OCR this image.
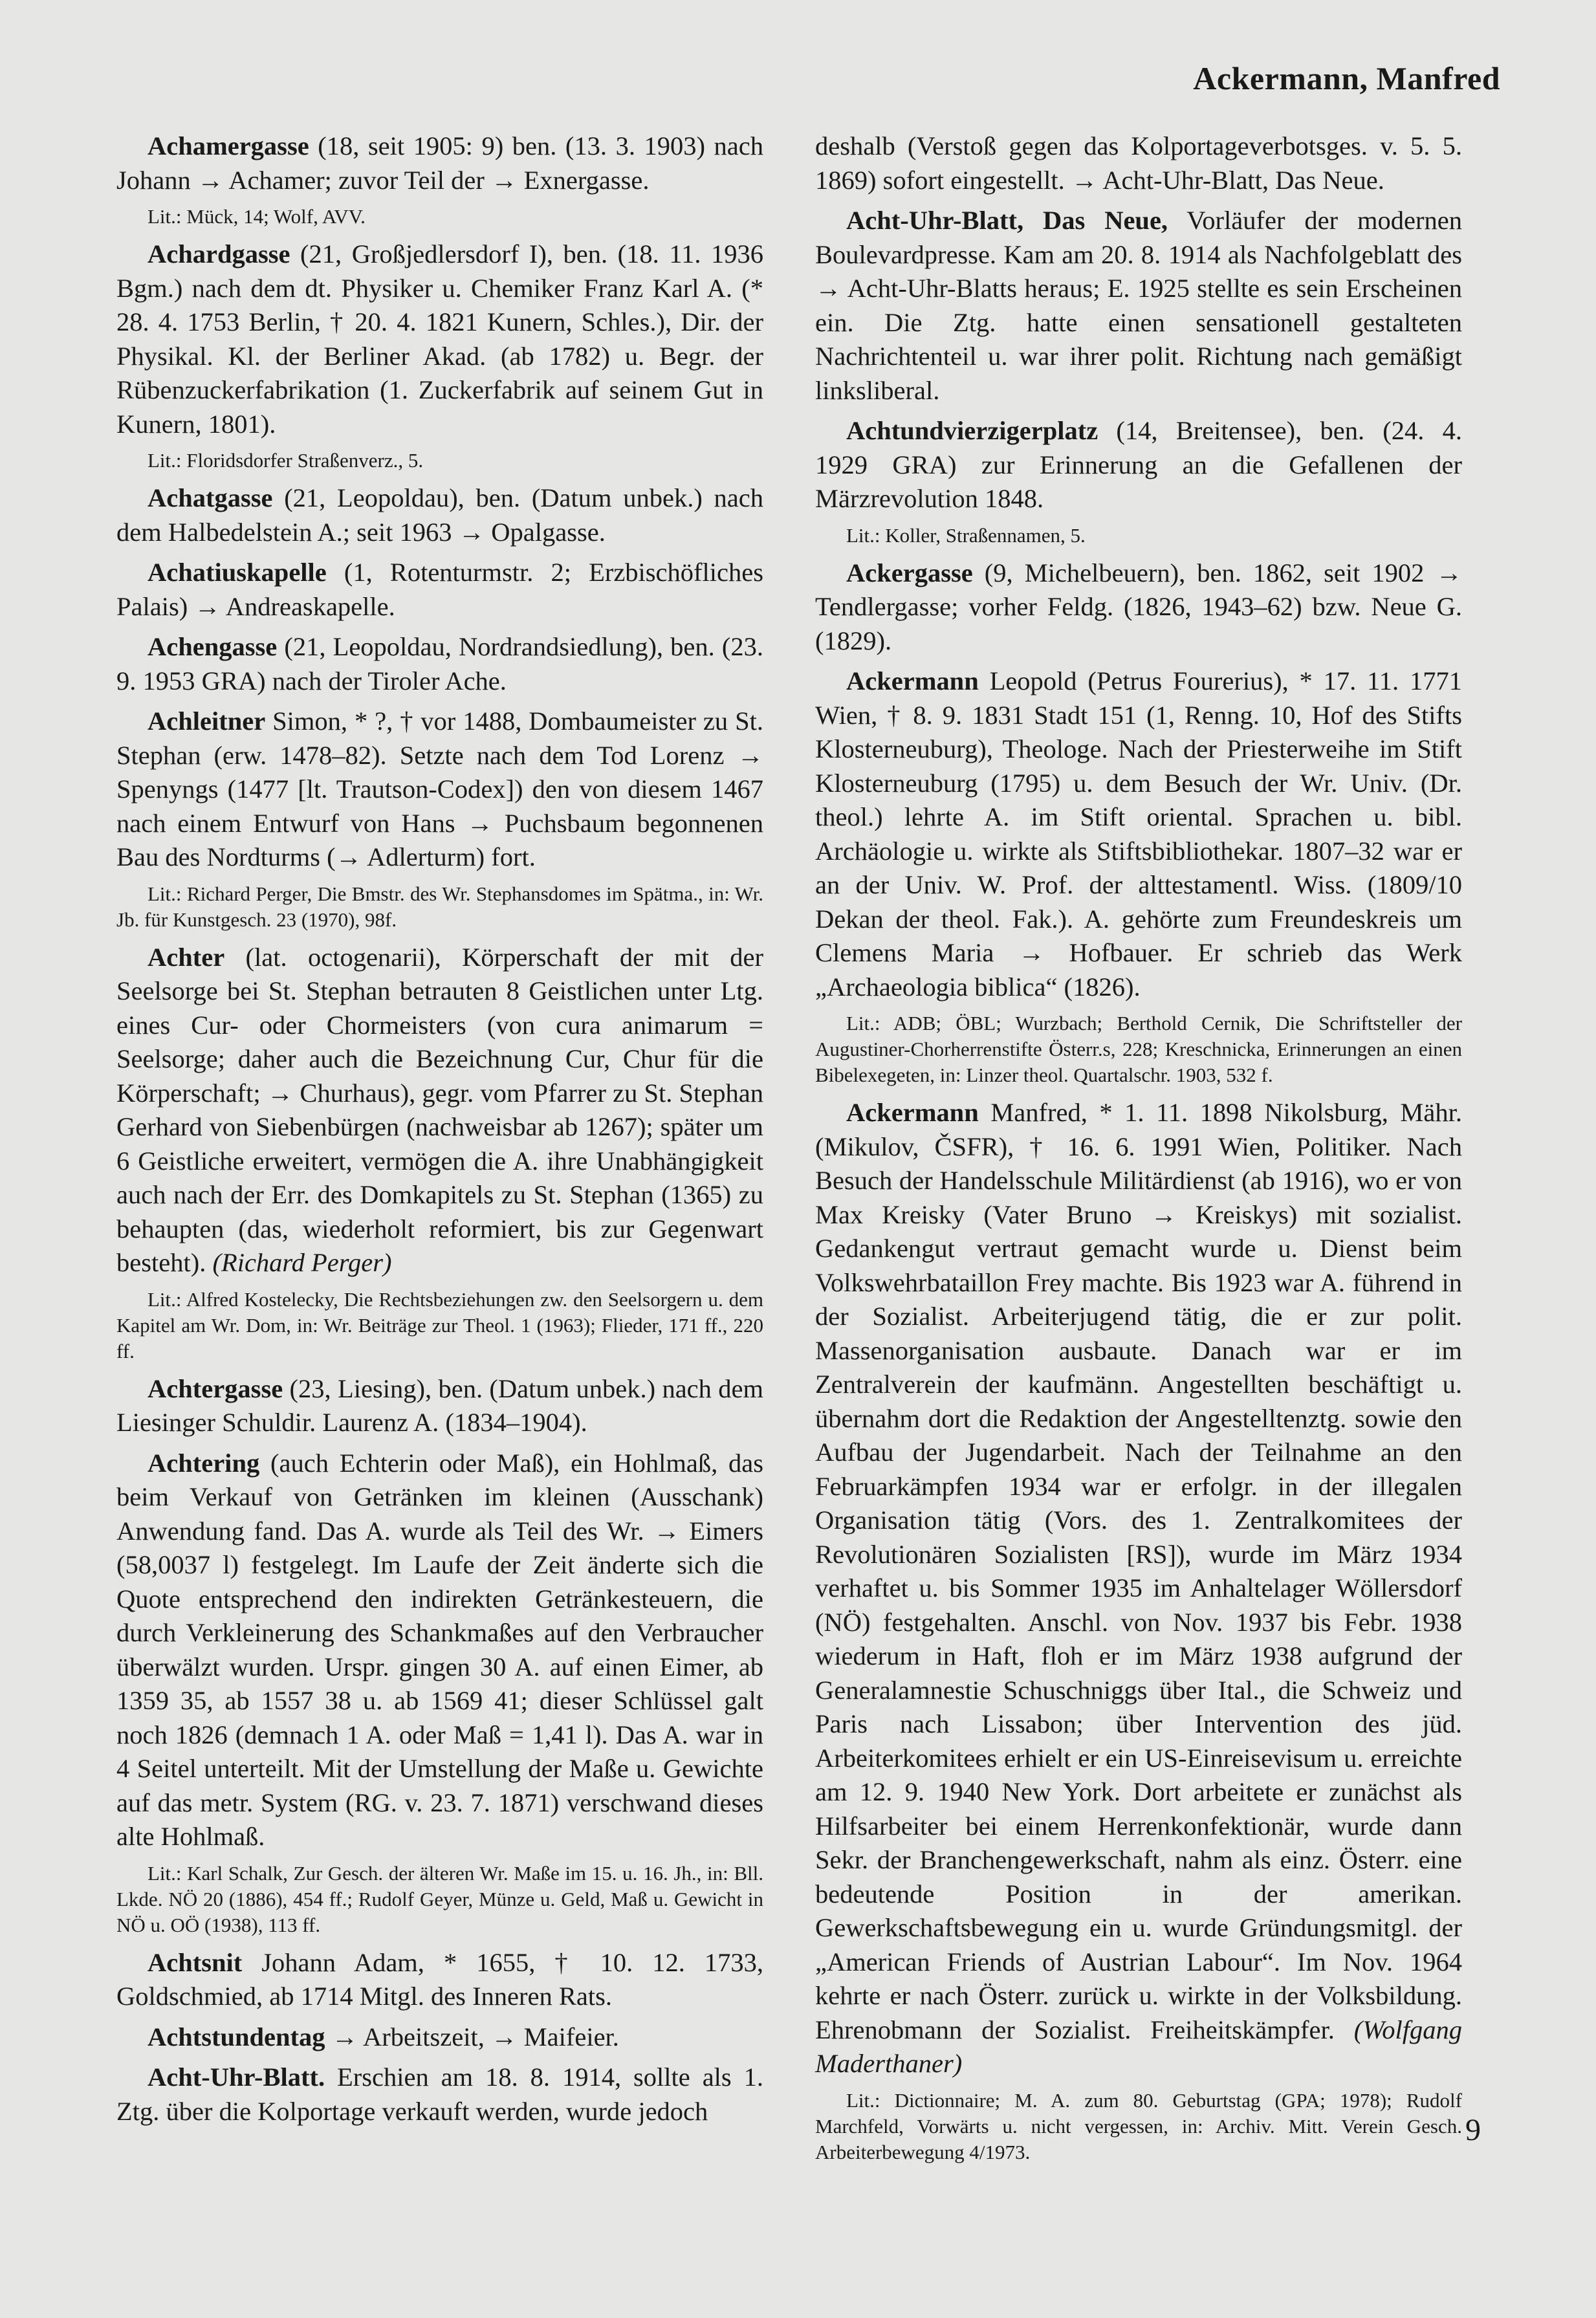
Ackermann, Manfred

Achamergasse (18, seit 1905: 9) ben. (13. 3. 1903) nach Johann → Achamer; zuvor Teil der → Exnergasse.

Lit.: Mück, 14; Wolf, AVV.

Achardgasse (21, Großjedlersdorf I), ben. (18. 11. 1936 Bgm.) nach dem dt. Physiker u. Chemiker Franz Karl A. (* 28. 4. 1753 Berlin, † 20. 4. 1821 Kunern, Schles.), Dir. der Physikal. Kl. der Berliner Akad. (ab 1782) u. Begr. der Rübenzuckerfabrikation (1. Zuckerfabrik auf seinem Gut in Kunern, 1801).

Lit.: Floridsdorfer Straßenverz., 5.

Achatgasse (21, Leopoldau), ben. (Datum unbek.) nach dem Halbedelstein A.; seit 1963 → Opalgasse.

Achatiuskapelle (1, Rotenturmstr. 2; Erzbischöfliches Palais) → Andreaskapelle.

Achengasse (21, Leopoldau, Nordrandsiedlung), ben. (23. 9. 1953 GRA) nach der Tiroler Ache.

Achleitner Simon, * ?, † vor 1488, Dombaumeister zu St. Stephan (erw. 1478–82). Setzte nach dem Tod Lorenz → Spenyngs (1477 [lt. Trautson-Codex]) den von diesem 1467 nach einem Entwurf von Hans → Puchsbaum begonnenen Bau des Nordturms (→ Adlerturm) fort.

Lit.: Richard Perger, Die Bmstr. des Wr. Stephansdomes im Spätma., in: Wr. Jb. für Kunstgesch. 23 (1970), 98f.

Achter (lat. octogenarii), Körperschaft der mit der Seelsorge bei St. Stephan betrauten 8 Geistlichen unter Ltg. eines Cur- oder Chormeisters (von cura animarum = Seelsorge; daher auch die Bezeichnung Cur, Chur für die Körperschaft; → Churhaus), gegr. vom Pfarrer zu St. Stephan Gerhard von Siebenbürgen (nachweisbar ab 1267); später um 6 Geistliche erweitert, vermögen die A. ihre Unabhängigkeit auch nach der Err. des Domkapitels zu St. Stephan (1365) zu behaupten (das, wiederholt reformiert, bis zur Gegenwart besteht). (Richard Perger)

Lit.: Alfred Kostelecky, Die Rechtsbeziehungen zw. den Seelsorgern u. dem Kapitel am Wr. Dom, in: Wr. Beiträge zur Theol. 1 (1963); Flieder, 171 ff., 220 ff.

Achtergasse (23, Liesing), ben. (Datum unbek.) nach dem Liesinger Schuldir. Laurenz A. (1834–1904).

Achtering (auch Echterin oder Maß), ein Hohlmaß, das beim Verkauf von Getränken im kleinen (Ausschank) Anwendung fand. Das A. wurde als Teil des Wr. → Eimers (58,0037 l) festgelegt. Im Laufe der Zeit änderte sich die Quote entsprechend den indirekten Getränkesteuern, die durch Verkleinerung des Schankmaßes auf den Verbraucher überwälzt wurden. Urspr. gingen 30 A. auf einen Eimer, ab 1359 35, ab 1557 38 u. ab 1569 41; dieser Schlüssel galt noch 1826 (demnach 1 A. oder Maß = 1,41 l). Das A. war in 4 Seitel unterteilt. Mit der Umstellung der Maße u. Gewichte auf das metr. System (RG. v. 23. 7. 1871) verschwand dieses alte Hohlmaß.

Lit.: Karl Schalk, Zur Gesch. der älteren Wr. Maße im 15. u. 16. Jh., in: Bll. Lkde. NÖ 20 (1886), 454 ff.; Rudolf Geyer, Münze u. Geld, Maß u. Gewicht in NÖ u. OÖ (1938), 113 ff.

Achtsnit Johann Adam, * 1655, † 10. 12. 1733, Goldschmied, ab 1714 Mitgl. des Inneren Rats.

Achtstundentag → Arbeitszeit, → Maifeier.

Acht-Uhr-Blatt. Erschien am 18. 8. 1914, sollte als 1. Ztg. über die Kolportage verkauft werden, wurde jedoch

deshalb (Verstoß gegen das Kolportageverbotsges. v. 5. 5. 1869) sofort eingestellt. → Acht-Uhr-Blatt, Das Neue.

Acht-Uhr-Blatt, Das Neue, Vorläufer der modernen Boulevardpresse. Kam am 20. 8. 1914 als Nachfolgeblatt des → Acht-Uhr-Blatts heraus; E. 1925 stellte es sein Erscheinen ein. Die Ztg. hatte einen sensationell gestalteten Nachrichtenteil u. war ihrer polit. Richtung nach gemäßigt linksliberal.

Achtundvierzigerplatz (14, Breitensee), ben. (24. 4. 1929 GRA) zur Erinnerung an die Gefallenen der Märzrevolution 1848.

Lit.: Koller, Straßennamen, 5.

Ackergasse (9, Michelbeuern), ben. 1862, seit 1902 → Tendlergasse; vorher Feldg. (1826, 1943–62) bzw. Neue G. (1829).

Ackermann Leopold (Petrus Fourerius), * 17. 11. 1771 Wien, † 8. 9. 1831 Stadt 151 (1, Renng. 10, Hof des Stifts Klosterneuburg), Theologe. Nach der Priesterweihe im Stift Klosterneuburg (1795) u. dem Besuch der Wr. Univ. (Dr. theol.) lehrte A. im Stift oriental. Sprachen u. bibl. Archäologie u. wirkte als Stiftsbibliothekar. 1807–32 war er an der Univ. W. Prof. der alttestamentl. Wiss. (1809/10 Dekan der theol. Fak.). A. gehörte zum Freundeskreis um Clemens Maria → Hofbauer. Er schrieb das Werk „Archaeologia biblica“ (1826).

Lit.: ADB; ÖBL; Wurzbach; Berthold Cernik, Die Schriftsteller der Augustiner-Chorherrenstifte Österr.s, 228; Kreschnicka, Erinnerungen an einen Bibelexegeten, in: Linzer theol. Quartalschr. 1903, 532 f.

Ackermann Manfred, * 1. 11. 1898 Nikolsburg, Mähr. (Mikulov, ČSFR), † 16. 6. 1991 Wien, Politiker. Nach Besuch der Handelsschule Militärdienst (ab 1916), wo er von Max Kreisky (Vater Bruno → Kreiskys) mit sozialist. Gedankengut vertraut gemacht wurde u. Dienst beim Volkswehrbataillon Frey machte. Bis 1923 war A. führend in der Sozialist. Arbeiterjugend tätig, die er zur polit. Massenorganisation ausbaute. Danach war er im Zentralverein der kaufmänn. Angestellten beschäftigt u. übernahm dort die Redaktion der Angestelltenztg. sowie den Aufbau der Jugendarbeit. Nach der Teilnahme an den Februarkämpfen 1934 war er erfolgr. in der illegalen Organisation tätig (Vors. des 1. Zentralkomitees der Revolutionären Sozialisten [RS]), wurde im März 1934 verhaftet u. bis Sommer 1935 im Anhaltelager Wöllersdorf (NÖ) festgehalten. Anschl. von Nov. 1937 bis Febr. 1938 wiederum in Haft, floh er im März 1938 aufgrund der Generalamnestie Schuschniggs über Ital., die Schweiz und Paris nach Lissabon; über Intervention des jüd. Arbeiterkomitees erhielt er ein US-Einreisevisum u. erreichte am 12. 9. 1940 New York. Dort arbeitete er zunächst als Hilfsarbeiter bei einem Herrenkonfektionär, wurde dann Sekr. der Branchengewerkschaft, nahm als einz. Österr. eine bedeutende Position in der amerikan. Gewerkschaftsbewegung ein u. wurde Gründungsmitgl. der „American Friends of Austrian Labour“. Im Nov. 1964 kehrte er nach Österr. zurück u. wirkte in der Volksbildung. Ehrenobmann der Sozialist. Freiheitskämpfer. (Wolfgang Maderthaner)

Lit.: Dictionnaire; M. A. zum 80. Geburtstag (GPA; 1978); Rudolf Marchfeld, Vorwärts u. nicht vergessen, in: Archiv. Mitt. Verein Gesch. Arbeiterbewegung 4/1973.

9
